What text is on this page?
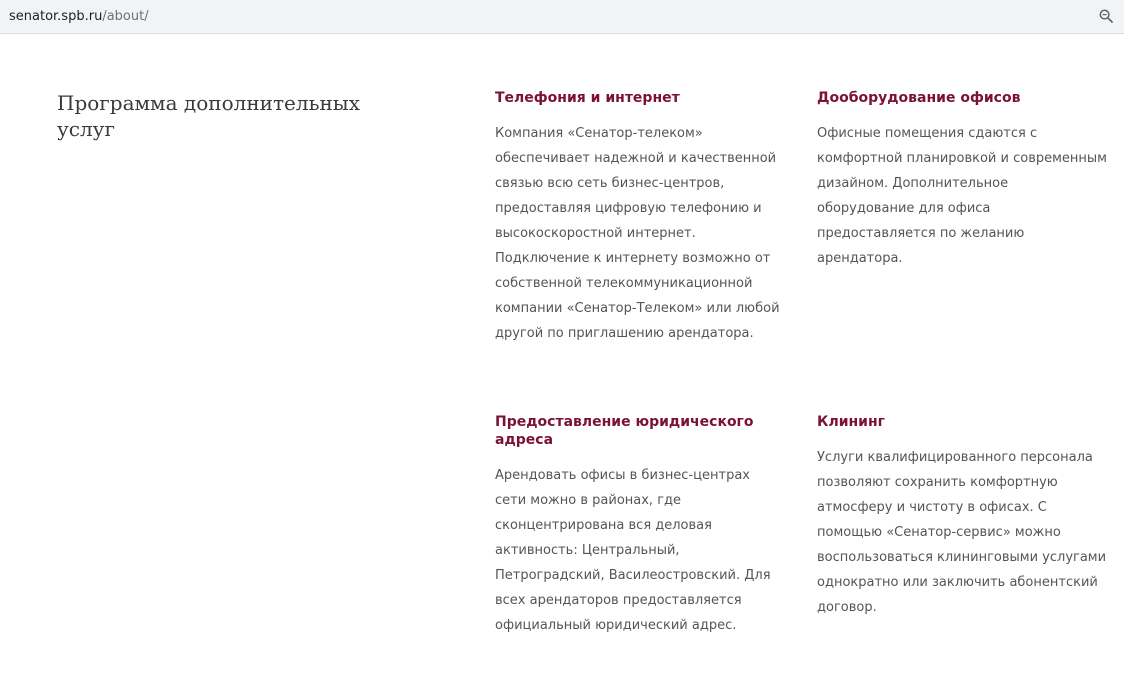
senator.spb.ru/about/
Программа дополнительных услуг
Телефония и интернет

Компания «Сенатор-телеком» обеспечивает надежной и качественной связью всю сеть бизнес-центров, предоставляя цифровую телефонию и высокоскоростной интернет. Подключение к интернету возможно от собственной телекоммуникационной компании «Сенатор-Телеком» или любой другой по приглашению арендатора.

Дооборудование офисов

Офисные помещения сдаются с комфортной планировкой и современным дизайном. Дополнительное оборудование для офиса предоставляется по желанию арендатора.

Предоставление юридического адреса

Арендовать офисы в бизнес-центрах сети можно в районах, где сконцентрирована вся деловая активность: Центральный, Петроградский, Василеостровский. Для всех арендаторов предоставляется официальный юридический адрес.

Клининг

Услуги квалифицированного персонала позволяют сохранить комфортную атмосферу и чистоту в офисах. С помощью «Сенатор-сервис» можно воспользоваться клининговыми услугами однократно или заключить абонентский договор.
